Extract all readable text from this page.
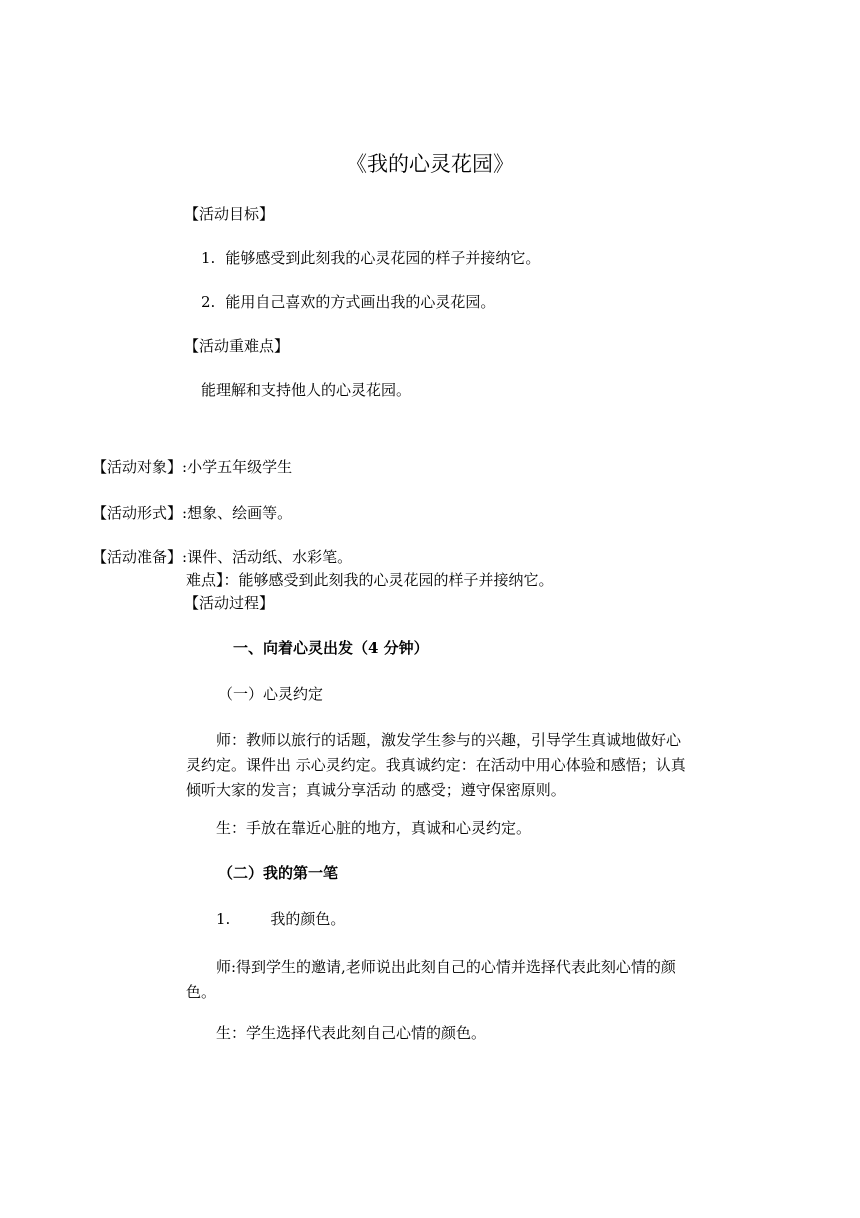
《我的心灵花园》
【活动目标】
1. 能够感受到此刻我的心灵花园的样子并接纳它。
2. 能用自己喜欢的方式画出我的心灵花园。
【活动重难点】
能理解和支持他人的心灵花园。
【活动对象】:小学五年级学生
【活动形式】:想象、绘画等。
【活动准备】:课件、活动纸、水彩笔。
难点】：能够感受到此刻我的心灵花园的样子并接纳它。
【活动过程】
一、向着心灵出发（4 分钟）
（一）心灵约定
师：教师以旅行的话题，激发学生参与的兴趣，引导学生真诚地做好心灵约定。课件出 示心灵约定。我真诚约定：在活动中用心体验和感悟；认真倾听大家的发言；真诚分享活动 的感受；遵守保密原则。
生：手放在靠近心脏的地方，真诚和心灵约定。
（二）我的第一笔
1.	我的颜色。
师:得到学生的邀请,老师说出此刻自己的心情并选择代表此刻心情的颜色。
生：学生选择代表此刻自己心情的颜色。
